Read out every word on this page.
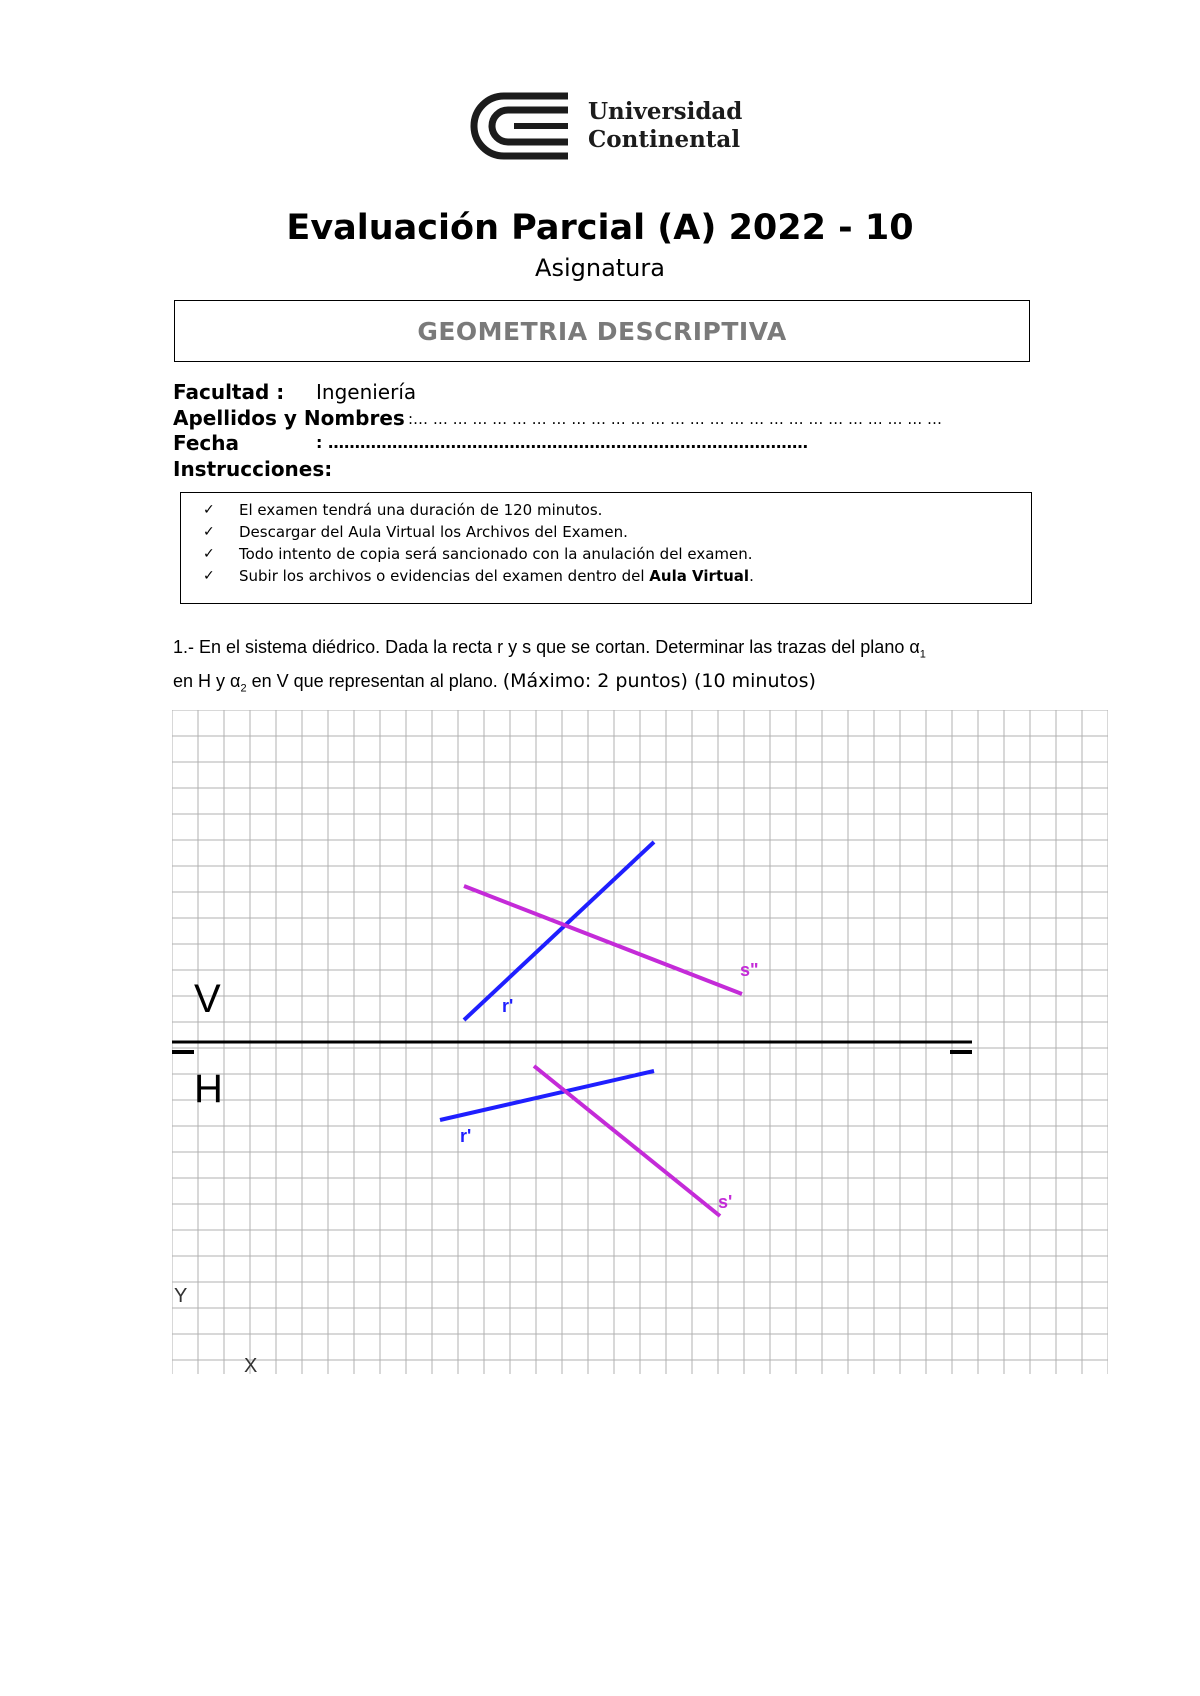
Universidad
Continental
Evaluación Parcial (A) 2022 - 10
Asignatura
GEOMETRIA DESCRIPTIVA
Facultad : Ingeniería
Apellidos y Nombres :… … … … … … … … … … … … … … … … … … … … … … … … … … …
Fecha	: ………………………………………………………………………………
Instrucciones:
✓	El examen tendrá una duración de 120 minutos.
✓	Descargar del Aula Virtual los Archivos del Examen.
✓	Todo intento de copia será sancionado con la anulación del examen.
✓	Subir los archivos o evidencias del examen dentro del Aula Virtual.
1.- En el sistema diédrico. Dada la recta r y s que se cortan. Determinar las trazas del plano $\alpha_1$
en H y $\alpha_2$ en V que representan al plano. (Máximo: 2 puntos) (10 minutos)
V
H
r'
s"
r'
s'
Y
X
